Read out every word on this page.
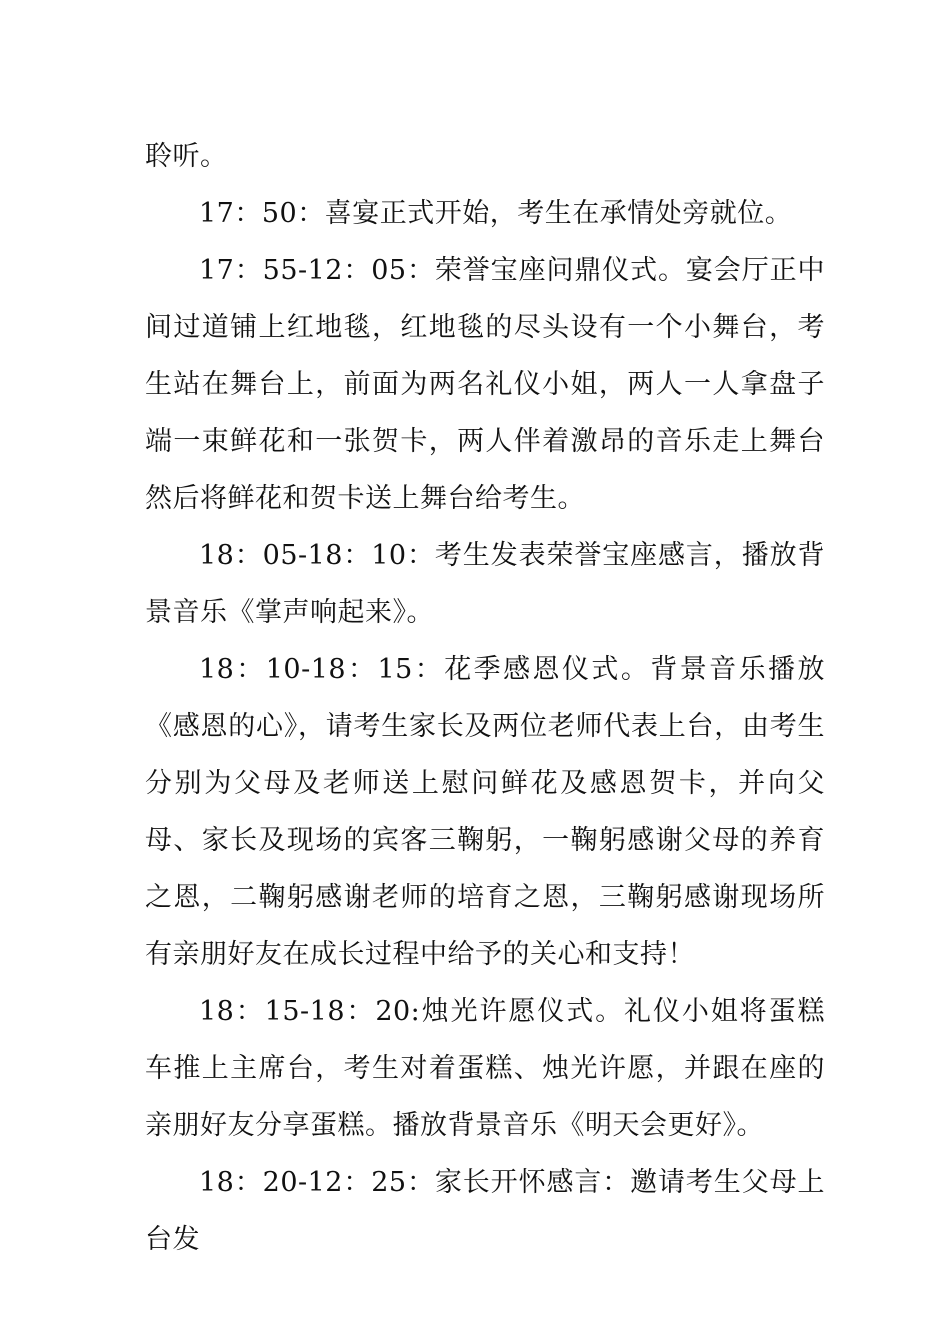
聆听。

17：50：喜宴正式开始，考生在承情处旁就位。

17：55-12：05：荣誉宝座问鼎仪式。宴会厅正中间过道铺上红地毯，红地毯的尽头设有一个小舞台，考生站在舞台上，前面为两名礼仪小姐，两人一人拿盘子端一束鲜花和一张贺卡，两人伴着激昂的音乐走上舞台然后将鲜花和贺卡送上舞台给考生。

18：05-18：10：考生发表荣誉宝座感言，播放背景音乐《掌声响起来》。

18：10-18：15：花季感恩仪式。背景音乐播放《感恩的心》，请考生家长及两位老师代表上台，由考生分别为父母及老师送上慰问鲜花及感恩贺卡，并向父母、家长及现场的宾客三鞠躬，一鞠躬感谢父母的养育之恩，二鞠躬感谢老师的培育之恩，三鞠躬感谢现场所有亲朋好友在成长过程中给予的关心和支持！

18：15-18：20:烛光许愿仪式。礼仪小姐将蛋糕车推上主席台，考生对着蛋糕、烛光许愿，并跟在座的亲朋好友分享蛋糕。播放背景音乐《明天会更好》。

18：20-12：25：家长开怀感言：邀请考生父母上台发
